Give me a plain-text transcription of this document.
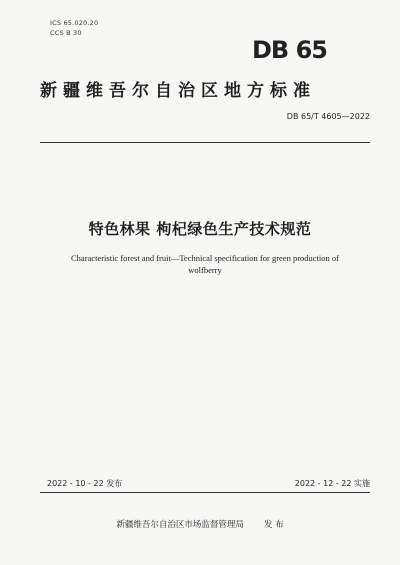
ICS 65.020.20
CCS B 30
DB 65
新疆维吾尔自治区地方标准
DB 65/T 4605—2022
特色林果 枸杞绿色生产技术规范
Characteristic forest and fruit—Technical specification for green production of
wolfberry
2022 - 10 - 22 发布	2022 - 12 - 22 实施
新疆维吾尔自治区市场监督管理局 发 布
